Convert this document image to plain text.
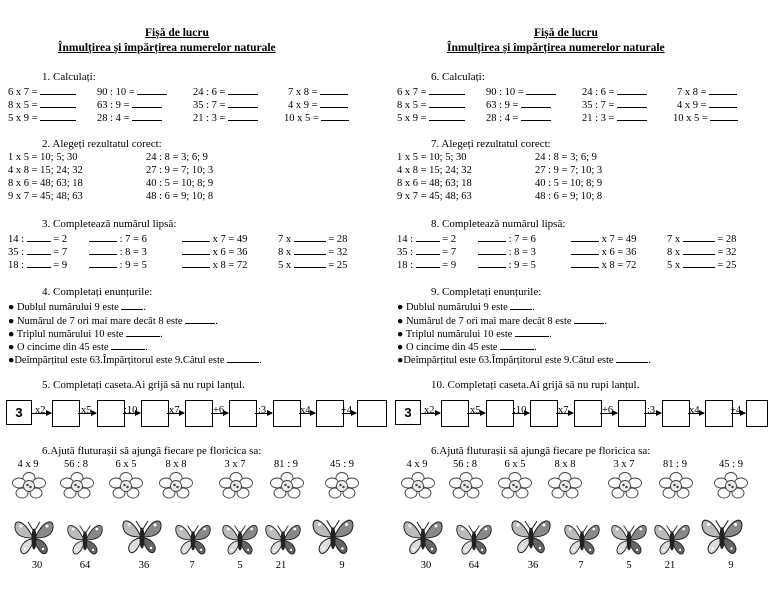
Fișă de lucru
Înmulțirea și împărțirea numerelor naturale
1. Calculați:
6 x 7 =	90 : 10 =	24 : 6 =	7 x 8 =
8 x 5 =	63 : 9 =	35 : 7 =	4 x 9 =
5 x 9 =	28 : 4 =	21 : 3 =	10 x 5 =
2. Alegeți rezultatul corect:
1 x 5 = 10; 5; 30	24 : 8 = 3; 6; 9
4 x 8 = 15; 24; 32	27 : 9 = 7; 10; 3
8 x 6 = 48; 63; 18	40 : 5 = 10; 8; 9
9 x 7 = 45; 48; 63	48 : 6 = 9; 10; 8
3. Completează numărul lipsă:
14 :	= 2	: 7 = 6	x 7 = 49	7 x	= 28
35 :	= 7	: 8 = 3	x 6 = 36	8 x	= 32
18 :	= 9	: 9 = 5	x 8 = 72	5 x	= 25
4. Completați enunțurile:
● Dublul numărului 9 este .
● Numărul de 7 ori mai mare decât 8 este	.
● Triplul numărului 10 este	.
● O cincime din 45 este	.
●Deîmpărțitul este 63.Împărțitorul este 9.Câtul este	.
5. Completați caseta.Ai grijă să nu rupi lanțul.
3	x2	x5	:10	x7	+6	:3	x4	+4
6.Ajută fluturașii să ajungă fiecare pe floricica sa:
4 x 9	56 : 8	6 x 5	8 x 8	3 x 7	81 : 9	45 : 9
30	64	36	7	5	21	9
Fișă de lucru
Înmulțirea și împărțirea numerelor naturale
6. Calculați:
6 x 7 =	90 : 10 =	24 : 6 =	7 x 8 =
8 x 5 =	63 : 9 =	35 : 7 =	4 x 9 =
5 x 9 =	28 : 4 =	21 : 3 =	10 x 5 =
7. Alegeți rezultatul corect:
1 x 5 = 10; 5; 30	24 : 8 = 3; 6; 9
4 x 8 = 15; 24; 32	27 : 9 = 7; 10; 3
8 x 6 = 48; 63; 18	40 : 5 = 10; 8; 9
9 x 7 = 45; 48; 63	48 : 6 = 9; 10; 8
8. Completează numărul lipsă:
14 :	= 2	: 7 = 6	x 7 = 49	7 x	= 28
35 :	= 7	: 8 = 3	x 6 = 36	8 x	= 32
18 :	= 9	: 9 = 5	x 8 = 72	5 x	= 25
9. Completați enunțurile:
● Dublul numărului 9 este .
● Numărul de 7 ori mai mare decât 8 este	.
● Triplul numărului 10 este	.
● O cincime din 45 este	.
●Deîmpărțitul este 63.Împărțitorul este 9.Câtul este	.
10. Completați caseta.Ai grijă să nu rupi lanțul.
3	x2	x5	:10	x7	+6	:3	x4	+4
6.Ajută fluturașii să ajungă fiecare pe floricica sa:
4 x 9	56 : 8	6 x 5	8 x 8	3 x 7	81 : 9	45 : 9
30	64	36	7	5	21	9
